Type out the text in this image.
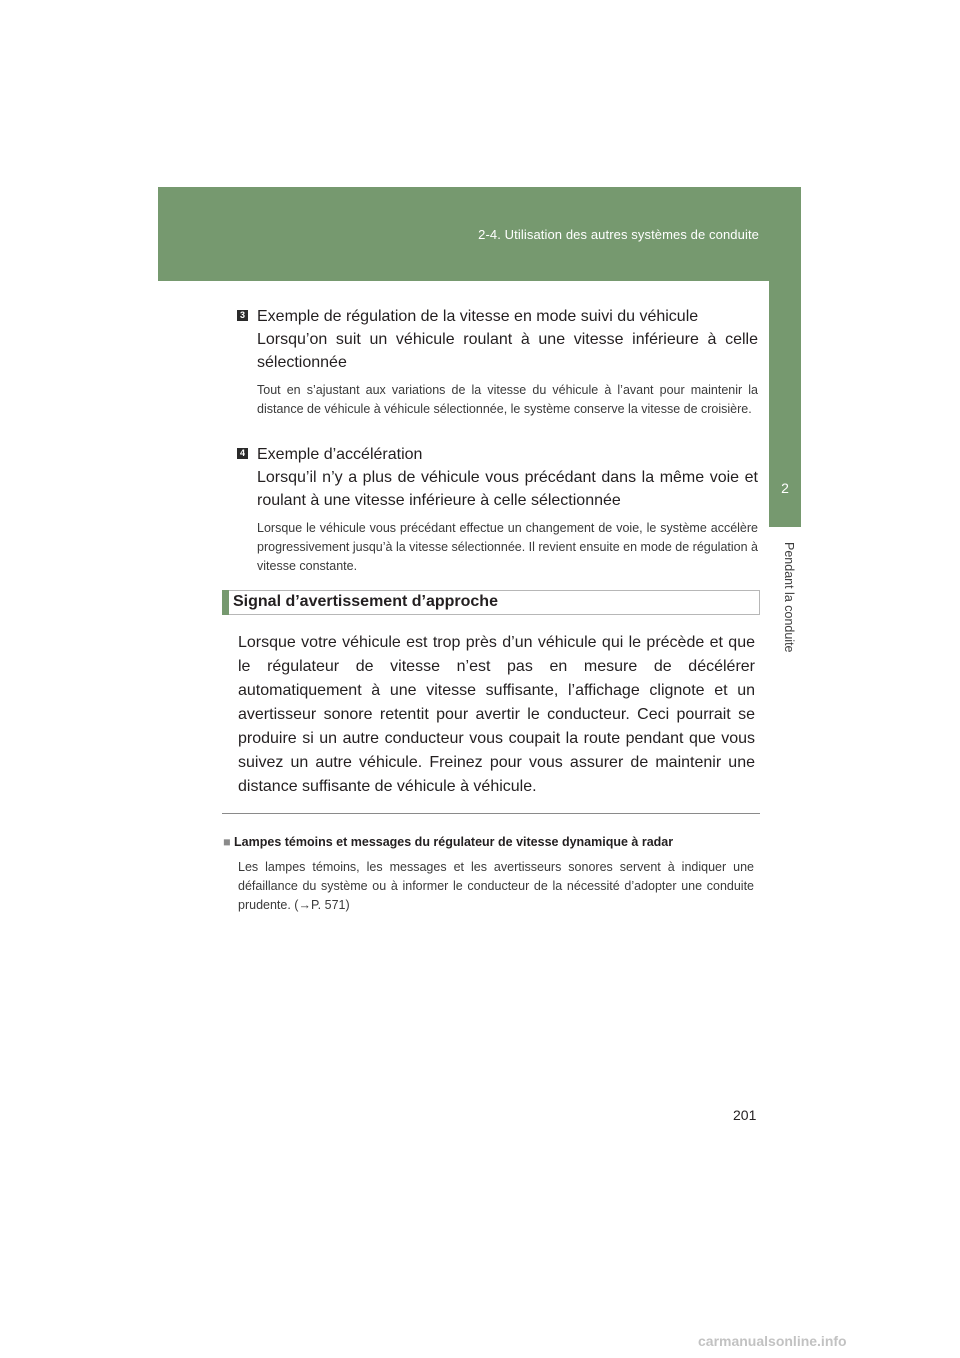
2-4. Utilisation des autres systèmes de conduite
2
Pendant la conduite
3 Exemple de régulation de la vitesse en mode suivi du véhicule
Lorsqu’on suit un véhicule roulant à une vitesse inférieure à celle sélectionnée
Tout en s’ajustant aux variations de la vitesse du véhicule à l’avant pour maintenir la distance de véhicule à véhicule sélectionnée, le système conserve la vitesse de croisière.
4 Exemple d’accélération
Lorsqu’il n’y a plus de véhicule vous précédant dans la même voie et roulant à une vitesse inférieure à celle sélectionnée
Lorsque le véhicule vous précédant effectue un changement de voie, le système accélère progressivement jusqu’à la vitesse sélectionnée. Il revient ensuite en mode de régulation à vitesse constante.
Signal d’avertissement d’approche
Lorsque votre véhicule est trop près d’un véhicule qui le précède et que le régulateur de vitesse n’est pas en mesure de décélérer automatiquement à une vitesse suffisante, l’affichage clignote et un avertisseur sonore retentit pour avertir le conducteur. Ceci pourrait se produire si un autre conducteur vous coupait la route pendant que vous suivez un autre véhicule. Freinez pour vous assurer de maintenir une distance suffisante de véhicule à véhicule.
■ Lampes témoins et messages du régulateur de vitesse dynamique à radar
Les lampes témoins, les messages et les avertisseurs sonores servent à indiquer une défaillance du système ou à informer le conducteur de la nécessité d’adopter une conduite prudente. (→P. 571)
201
carmanualsonline.info
